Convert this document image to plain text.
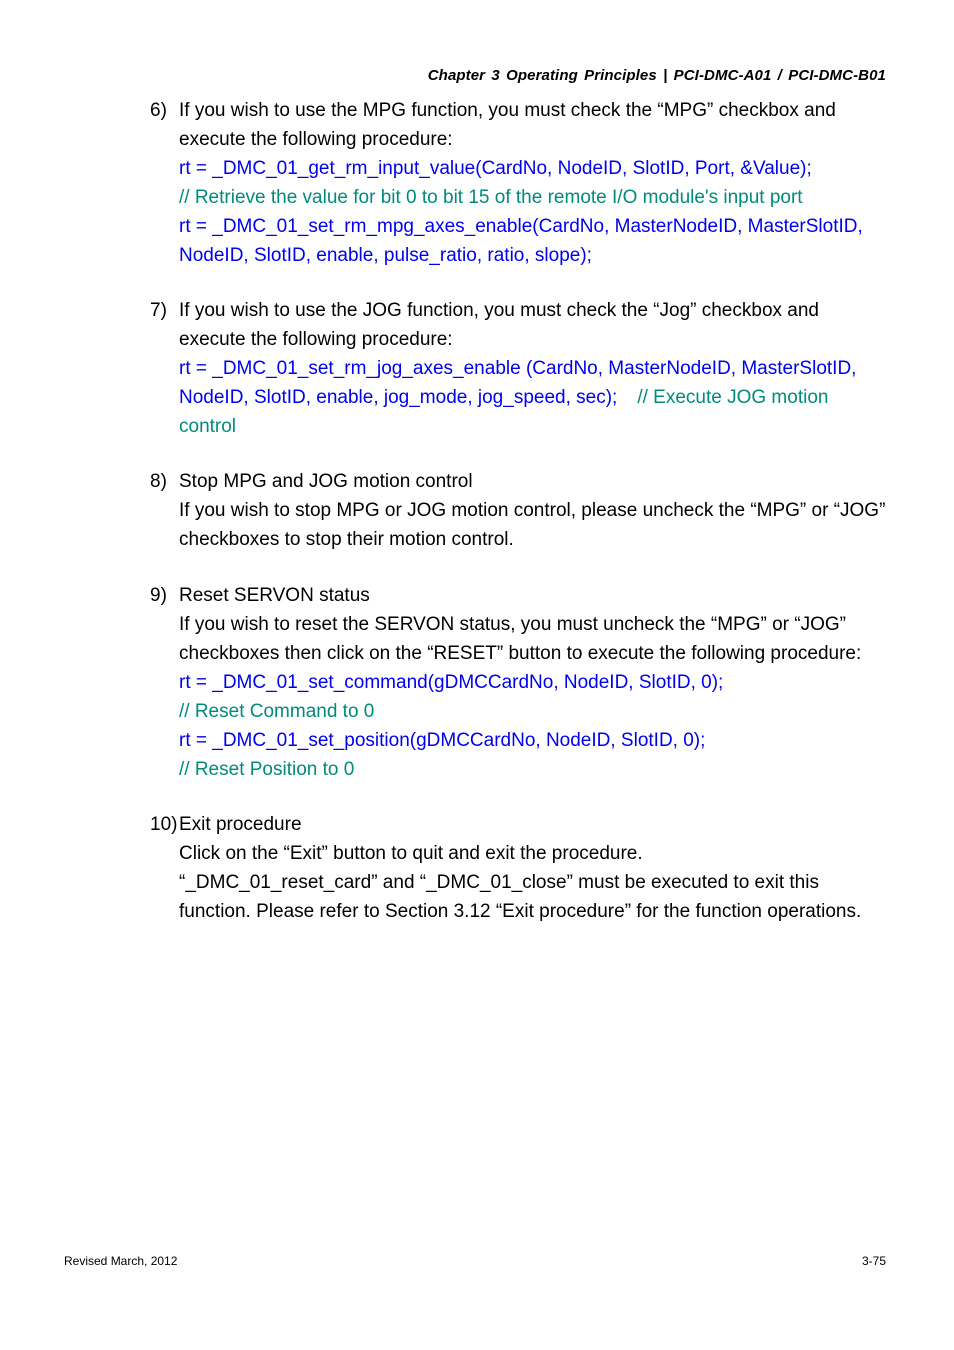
Chapter 3 Operating Principles | PCI-DMC-A01 / PCI-DMC-B01
6) If you wish to use the MPG function, you must check the “MPG” checkbox and
execute the following procedure:
rt = _DMC_01_get_rm_input_value(CardNo, NodeID, SlotID, Port, &Value);
// Retrieve the value for bit 0 to bit 15 of the remote I/O module's input port
rt = _DMC_01_set_rm_mpg_axes_enable(CardNo, MasterNodeID, MasterSlotID,
NodeID, SlotID, enable, pulse_ratio, ratio, slope);
7) If you wish to use the JOG function, you must check the “Jog” checkbox and
execute the following procedure:
rt = _DMC_01_set_rm_jog_axes_enable (CardNo, MasterNodeID, MasterSlotID,
NodeID, SlotID, enable, jog_mode, jog_speed, sec); // Execute JOG motion
control
8) Stop MPG and JOG motion control
If you wish to stop MPG or JOG motion control, please uncheck the “MPG” or “JOG”
checkboxes to stop their motion control.
9) Reset SERVON status
If you wish to reset the SERVON status, you must uncheck the “MPG” or “JOG”
checkboxes then click on the “RESET” button to execute the following procedure:
rt = _DMC_01_set_command(gDMCCardNo, NodeID, SlotID, 0);
// Reset Command to 0
rt = _DMC_01_set_position(gDMCCardNo, NodeID, SlotID, 0);
// Reset Position to 0
10) Exit procedure
Click on the “Exit” button to quit and exit the procedure.
“_DMC_01_reset_card” and “_DMC_01_close” must be executed to exit this
function. Please refer to Section 3.12 “Exit procedure” for the function operations.
Revised March, 2012	3-75
